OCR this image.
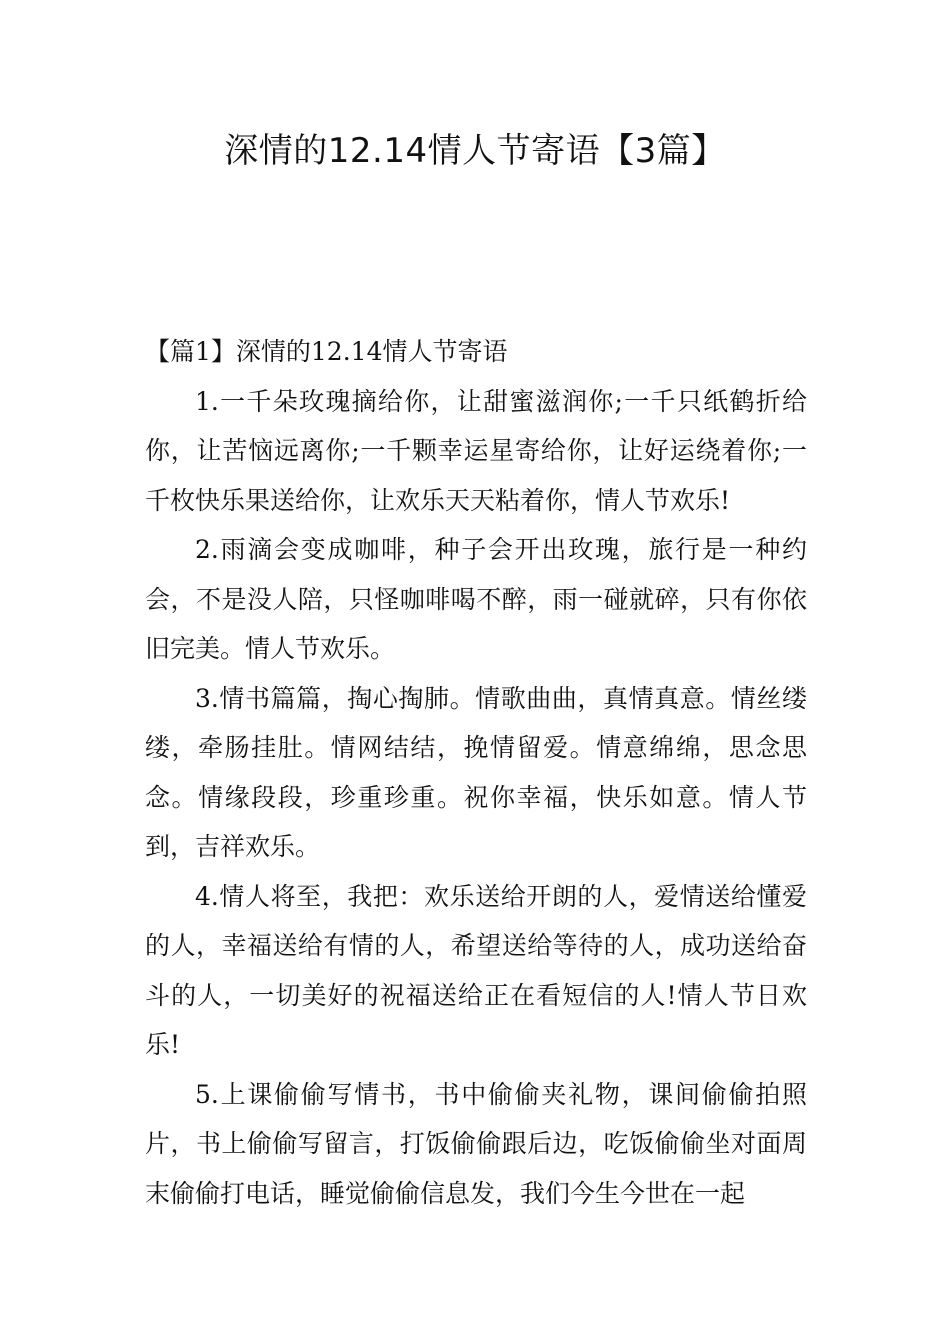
深情的12.14情人节寄语【3篇】

【篇1】深情的12.14情人节寄语

1.一千朵玫瑰摘给你，让甜蜜滋润你;一千只纸鹤折给你，让苦恼远离你;一千颗幸运星寄给你，让好运绕着你;一千枚快乐果送给你，让欢乐天天粘着你，情人节欢乐!

2.雨滴会变成咖啡，种子会开出玫瑰，旅行是一种约会，不是没人陪，只怪咖啡喝不醉，雨一碰就碎，只有你依旧完美。情人节欢乐。

3.情书篇篇，掏心掏肺。情歌曲曲，真情真意。情丝缕缕，牵肠挂肚。情网结结，挽情留爱。情意绵绵，思念思念。情缘段段，珍重珍重。祝你幸福，快乐如意。情人节到，吉祥欢乐。

4.情人将至，我把：欢乐送给开朗的人，爱情送给懂爱的人，幸福送给有情的人，希望送给等待的人，成功送给奋斗的人，一切美好的祝福送给正在看短信的人!情人节日欢乐!

5.上课偷偷写情书，书中偷偷夹礼物，课间偷偷拍照片，书上偷偷写留言，打饭偷偷跟后边，吃饭偷偷坐对面周末偷偷打电话，睡觉偷偷信息发，我们今生今世在一起
